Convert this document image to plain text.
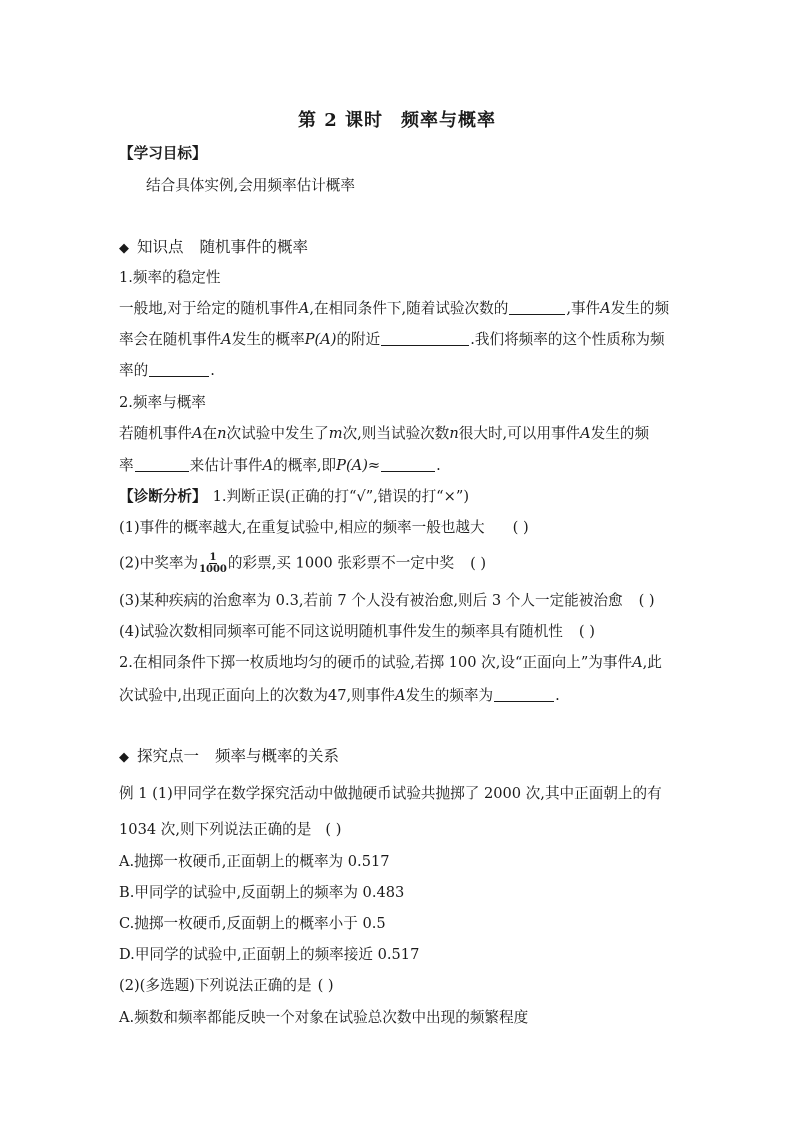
第 2 课时 频率与概率
【学习目标】
结合具体实例,会用频率估计概率
◆ 知识点 随机事件的概率
1.频率的稳定性
一般地,对于给定的随机事件A,在相同条件下,随着试验次数的	,事件A发生的频
率会在随机事件A发生的概率P(A)的附近	.我们将频率的这个性质称为频
率的	.
2.频率与概率
若随机事件A在n次试验中发生了m次,则当试验次数n很大时,可以用事件A发生的频
率	来估计事件A的概率,即P(A)≈	.
【诊断分析】 1.判断正误(正确的打“√”,错误的打“×”)
(1)事件的概率越大,在重复试验中,相应的频率一般也越大 ( )
(2)中奖率为 $\frac{1}{1000}$ 的彩票,买 1000 张彩票不一定中奖 ( )
(3)某种疾病的治愈率为 0.3,若前 7 个人没有被治愈,则后 3 个人一定能被治愈 ( )
(4)试验次数相同频率可能不同这说明随机事件发生的频率具有随机性 ( )
2.在相同条件下掷一枚质地均匀的硬币的试验,若掷 100 次,设“正面向上”为事件A,此
次试验中,出现正面向上的次数为47,则事件A发生的频率为	.
◆ 探究点一 频率与概率的关系
例 1 (1)甲同学在数学探究活动中做抛硬币试验共抛掷了 2000 次,其中正面朝上的有
1034 次,则下列说法正确的是 ( )
A.抛掷一枚硬币,正面朝上的概率为 0.517
B.甲同学的试验中,反面朝上的频率为 0.483
C.抛掷一枚硬币,反面朝上的概率小于 0.5
D.甲同学的试验中,正面朝上的频率接近 0.517
(2)(多选题)下列说法正确的是 ( )
A.频数和频率都能反映一个对象在试验总次数中出现的频繁程度
